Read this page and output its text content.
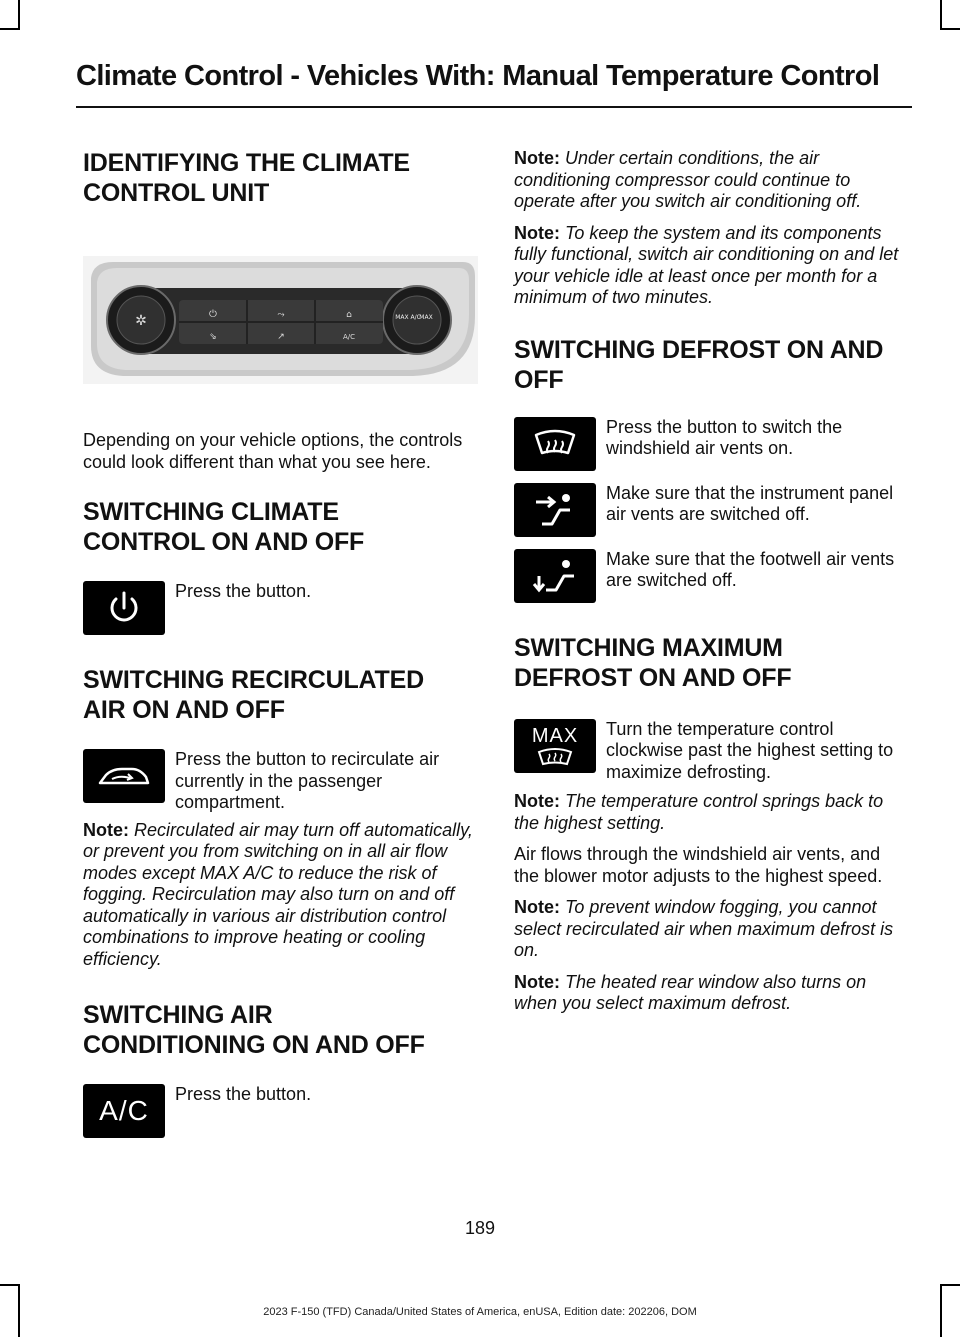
Climate Control - Vehicles With: Manual Temperature Control
IDENTIFYING THE CLIMATE
CONTROL UNIT
✲	MAX A/C
MAX
⏻	⤳	⌂
⇘	↗	A/C

Depending on your vehicle options, the controls could look different than what you see here.

SWITCHING CLIMATE
CONTROL ON AND OFF

Press the button.

SWITCHING RECIRCULATED
AIR ON AND OFF

Press the button to recirculate air currently in the passenger compartment.

Note: Recirculated air may turn off automatically, or prevent you from switching on in all air flow modes except MAX A/C to reduce the risk of fogging. Recirculation may also turn on and off automatically in various air distribution control combinations to improve heating or cooling efficiency.

SWITCHING AIR
CONDITIONING ON AND OFF
A/C

Press the button.

Note: Under certain conditions, the air conditioning compressor could continue to operate after you switch air conditioning off.

Note: To keep the system and its components fully functional, switch air conditioning on and let your vehicle idle at least once per month for a minimum of two minutes.

SWITCHING DEFROST ON AND
OFF

Press the button to switch the windshield air vents on.

Make sure that the instrument panel air vents are switched off.

Make sure that the footwell air vents are switched off.

SWITCHING MAXIMUM
DEFROST ON AND OFF
MAX Turn the temperature control clockwise past the highest setting to maximize defrosting.

Note: The temperature control springs back to the highest setting.

Air flows through the windshield air vents, and the blower motor adjusts to the highest speed.

Note: To prevent window fogging, you cannot select recirculated air when maximum defrost is on.

Note: The heated rear window also turns on when you select maximum defrost.

189
2023 F-150 (TFD) Canada/United States of America, enUSA, Edition date: 202206, DOM
